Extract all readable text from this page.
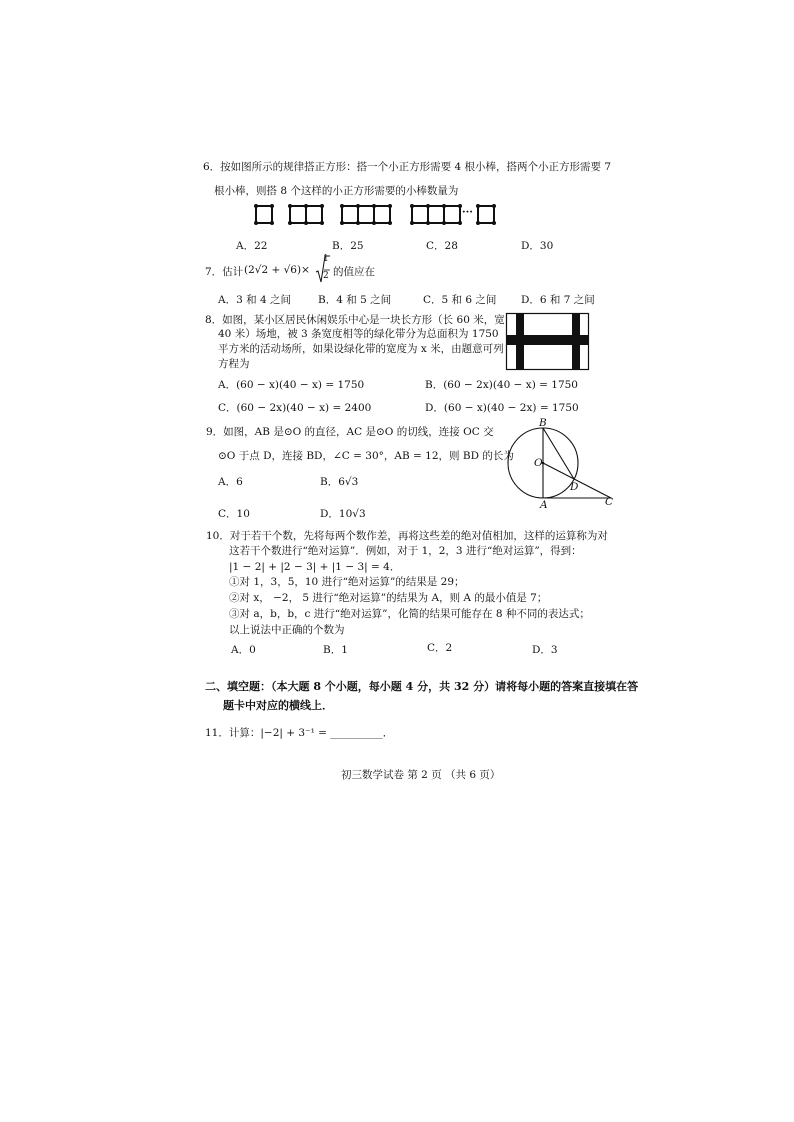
6．按如图所示的规律搭正方形：搭一个小正方形需要 4 根小棒，搭两个小正方形需要 7
根小棒，则搭 8 个这样的小正方形需要的小棒数量为
···
A．22	B．25	C．28	D．30
7．估计 (2√2 + √6)×
1
2 的值应在
A．3 和 4 之间	B．4 和 5 之间	C．5 和 6 之间 D．6 和 7 之间
8．如图，某小区居民休闲娱乐中心是一块长方形（长 60 米，宽
40 米）场地，被 3 条宽度相等的绿化带分为总面积为 1750
平方米的活动场所，如果设绿化带的宽度为 x 米，由题意可列
方程为
A．(60 − x)(40 − x) = 1750	B．(60 − 2x)(40 − x) = 1750
C．(60 − 2x)(40 − x) = 2400	D．(60 − x)(40 − 2x) = 1750
9．如图，AB 是⊙O 的直径，AC 是⊙O 的切线，连接 OC 交
⊙O 于点 D，连接 BD，∠C = 30°，AB = 12，则 BD 的长为
B
O
D
A	C
A．6	B．6√3
C．10	D．10√3
10．对于若干个数，先将每两个数作差，再将这些差的绝对值相加，这样的运算称为对
这若干个数进行“绝对运算”．例如，对于 1，2，3 进行“绝对运算”，得到：
|1 − 2| + |2 − 3| + |1 − 3| = 4．
①对 1，3，5，10 进行“绝对运算”的结果是 29；
②对 x， −2， 5 进行“绝对运算”的结果为 A，则 A 的最小值是 7；
③对 a，b，b，c 进行“绝对运算”，化简的结果可能存在 8 种不同的表达式；
以上说法中正确的个数为
A．0	B．1	C．2	D．3
二、填空题：（本大题 8 个小题，每小题 4 分，共 32 分）请将每小题的答案直接填在答
题卡中对应的横线上．
11．计算：|−2| + 3⁻¹ = __________．
初三数学试卷 第 2 页 （共 6 页）
